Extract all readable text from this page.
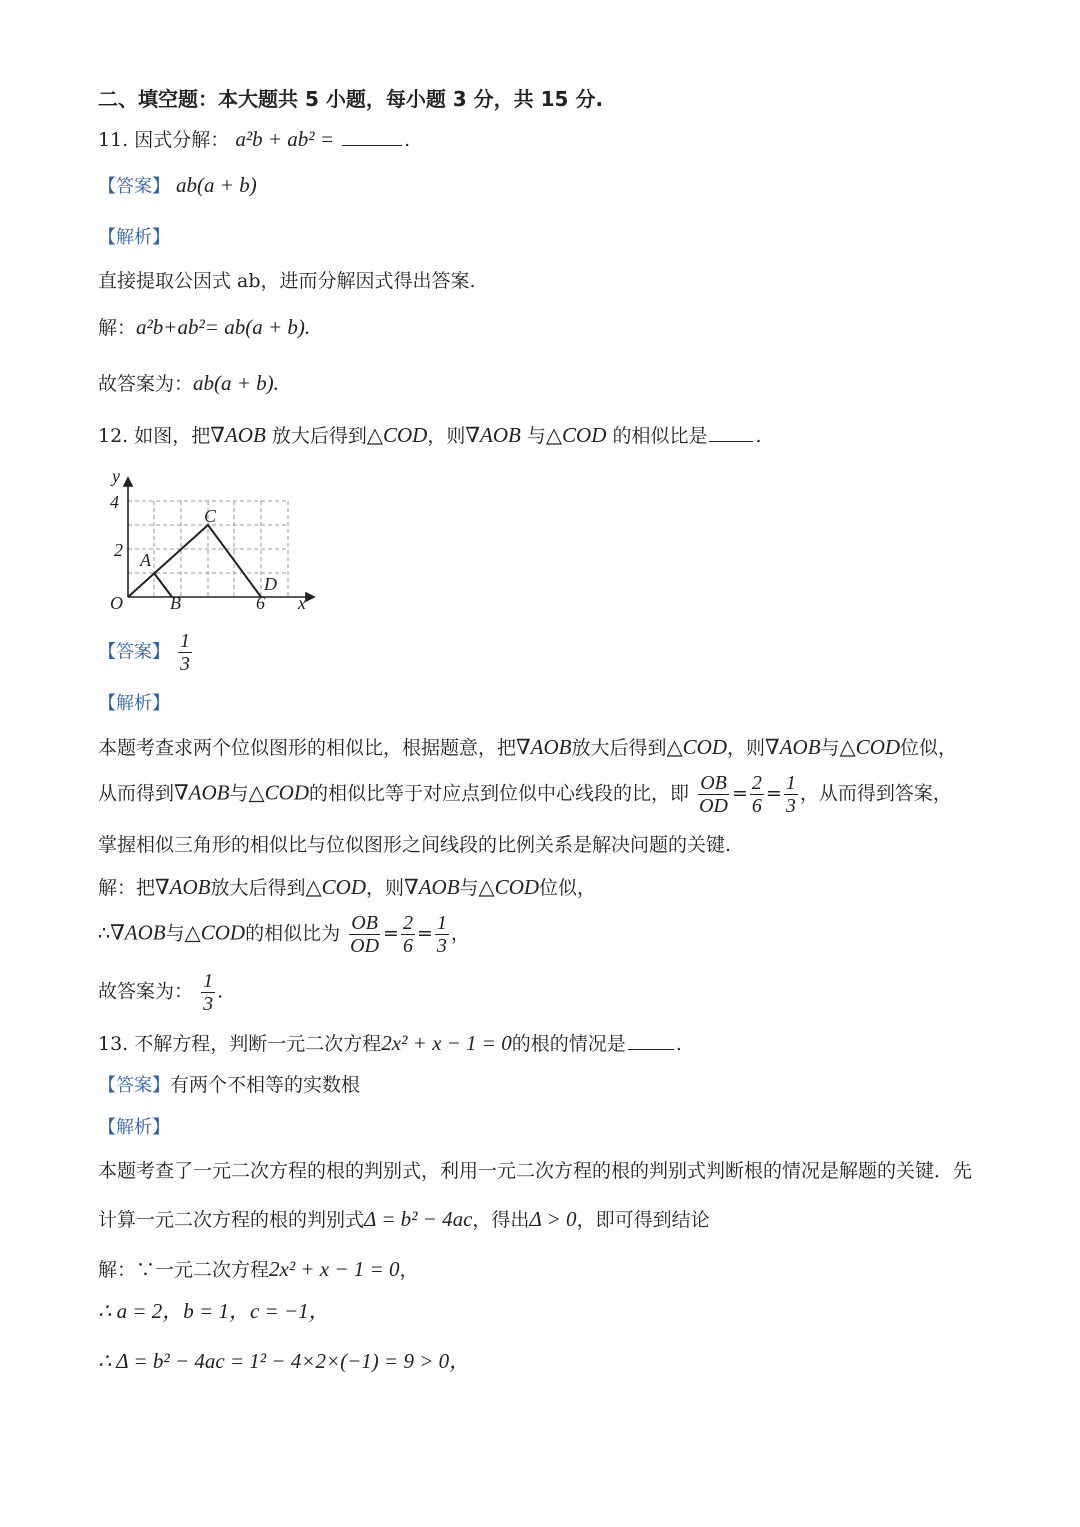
二、填空题：本大题共 5 小题，每小题 3 分，共 15 分.
11. 因式分解： a²b + ab² =	.
【答案】 ab(a + b)
【解析】
直接提取公因式 ab，进而分解因式得出答案.
解：a²b+ab²= ab(a + b).
故答案为：ab(a + b).
12. 如图，把∇AOB 放大后得到△COD，则∇AOB 与△COD 的相似比是	.
y
4
2
O	B	6 x
A
C
D
【答案】 $\frac{1}{3}$
【解析】
本题考查求两个位似图形的相似比，根据题意，把∇AOB放大后得到△COD，则∇AOB与△COD位似，
从而得到∇AOB与△COD的相似比等于对应点到位似中心线段的比，即 $\frac{OB}{OD} = \frac{2}{6} = \frac{1}{3}$ ，从而得到答案，
掌握相似三角形的相似比与位似图形之间线段的比例关系是解决问题的关键.
解：把∇AOB放大后得到△COD，则∇AOB与△COD位似，
∴∇AOB与△COD的相似比为 $\frac{OB}{OD} = \frac{2}{6} = \frac{1}{3}$ ，
故答案为： $\frac{1}{3}$ .
13. 不解方程，判断一元二次方程2x² + x − 1 = 0的根的情况是	.
【答案】有两个不相等的实数根
【解析】
本题考查了一元二次方程的根的判别式，利用一元二次方程的根的判别式判断根的情况是解题的关键．先
计算一元二次方程的根的判别式Δ = b² − 4ac，得出Δ > 0，即可得到结论
解：∵一元二次方程2x² + x − 1 = 0，
∴ a = 2，b = 1，c = −1，
∴ Δ = b² − 4ac = 1² − 4×2×(−1) = 9 > 0，
